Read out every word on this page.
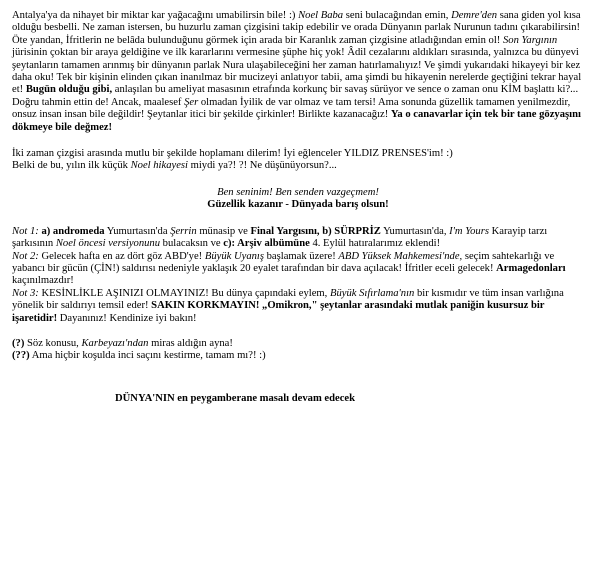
Antalya'ya da nihayet bir miktar kar yağacağını umabilirsin bile! :) Noel Baba seni bulacağından emin, Demre'den sana giden yol kısa olduğu besbelli. Ne zaman istersen, bu huzurlu zaman çizgisini takip edebilir ve orada Dünyanın parlak Nurunun tadını çıkarabilirsin! Öte yandan, İfritlerin ne belâda bulunduğunu görmek için arada bir Karanlık zaman çizgisine atladığından emin ol! Son Yargının jürisinin çoktan bir araya geldiğine ve ilk kararlarını vermesine şüphe hiç yok! Âdil cezalarını aldıkları sırasında, yalnızca bu dünyevi şeytanların tamamen arınmış bir dünyanın parlak Nura ulaşabileceğini her zaman hatırlamalıyız! Ve şimdi yukarıdaki hikayeyi bir kez daha oku! Tek bir kişinin elinden çıkan inanılmaz bir mucizeyi anlatıyor tabii, ama şimdi bu hikayenin nerelerde geçtiğini tekrar hayal et! Bugün olduğu gibi, anlaşılan bu ameliyat masasının etrafında korkunç bir savaş sürüyor ve sence o zaman onu KİM başlattı ki?... Doğru tahmin ettin de! Ancak, maalesef Şer olmadan İyilik de var olmaz ve tam tersi! Ama sonunda güzellik tamamen yenilmezdir, onsuz insan insan bile değildir! Şeytanlar itici bir şekilde çirkinler! Birlikte kazanacağız! Ya o canavarlar için tek bir tane gözyaşını dökmeye bile değmez!

İki zaman çizgisi arasında mutlu bir şekilde hoplamanı dilerim! İyi eğlenceler YILDIZ PRENSES'im! :)
Belki de bu, yılın ilk küçük Noel hikayesi miydi ya?! ?! Ne düşünüyorsun?...

Ben seninim! Ben senden vazgeçmem!
Güzellik kazanır - Dünyada barış olsun!

Not 1: a) andromeda Yumurtasın'da Şerrin münasip ve Final Yargısını, b) SÜRPRİZ Yumurtasın'da, I'm Yours Karayip tarzı şarkısının Noel öncesi versiyonunu bulacaksın ve c): Arşiv albümüne 4. Eylül hatıralarımız eklendi!

Not 2: Gelecek hafta en az dört göz ABD'ye! Büyük Uyanış başlamak üzere! ABD Yüksek Mahkemesi'nde, seçim sahtekarlığı ve yabancı bir gücün (ÇİN!) saldırısı nedeniyle yaklaşık 20 eyalet tarafından bir dava açılacak! İfritler eceli gelecek! Armagedonları kaçınılmazdır!

Not 3: KESİNLİKLE AŞINIZI OLMAYINIZ! Bu dünya çapındaki eylem, Büyük Sıfırlama'nın bir kısmıdır ve tüm insan varlığına yönelik bir saldırıyı temsil eder! SAKIN KORKMAYIN! „Omikron," şeytanlar arasındaki mutlak paniğin kusursuz bir işaretidir! Dayanınız! Kendinize iyi bakın!

(?) Söz konusu, Karbeyazı'ndan miras aldığın ayna!

(??) Ama hiçbir koşulda inci saçını kestirme, tamam mı?! :)

DÜNYA'NIN en peygamberane masalı devam edecek
